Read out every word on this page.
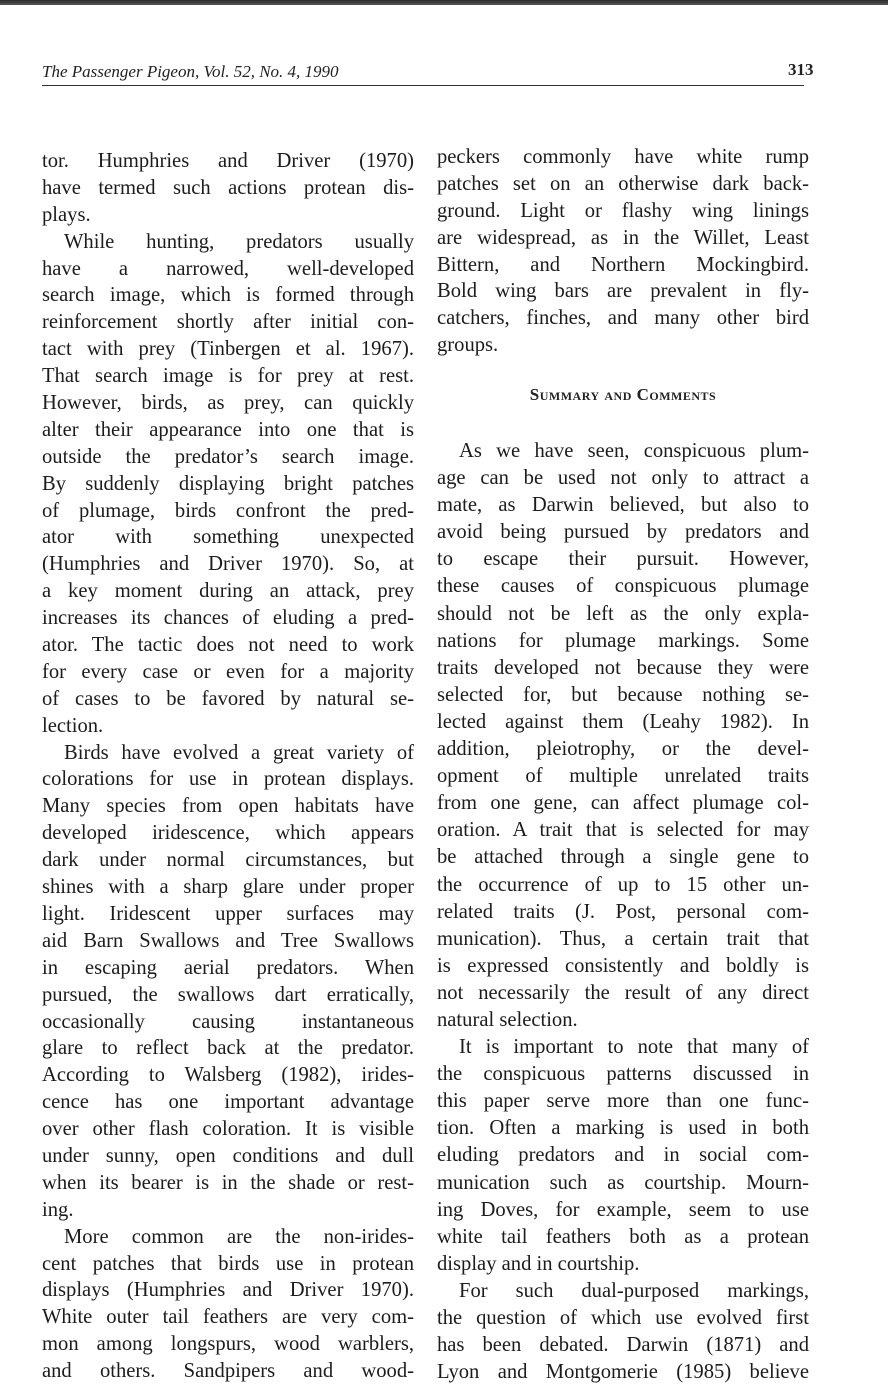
The Passenger Pigeon, Vol. 52, No. 4, 1990	313
tor. Humphries and Driver (1970)
have termed such actions protean dis-
plays.
While hunting, predators usually
have a narrowed, well-developed
search image, which is formed through
reinforcement shortly after initial con-
tact with prey (Tinbergen et al. 1967).
That search image is for prey at rest.
However, birds, as prey, can quickly
alter their appearance into one that is
outside the predator’s search image.
By suddenly displaying bright patches
of plumage, birds confront the pred-
ator with something unexpected
(Humphries and Driver 1970). So, at
a key moment during an attack, prey
increases its chances of eluding a pred-
ator. The tactic does not need to work
for every case or even for a majority
of cases to be favored by natural se-
lection.
Birds have evolved a great variety of
colorations for use in protean displays.
Many species from open habitats have
developed iridescence, which appears
dark under normal circumstances, but
shines with a sharp glare under proper
light. Iridescent upper surfaces may
aid Barn Swallows and Tree Swallows
in escaping aerial predators. When
pursued, the swallows dart erratically,
occasionally causing instantaneous
glare to reflect back at the predator.
According to Walsberg (1982), irides-
cence has one important advantage
over other flash coloration. It is visible
under sunny, open conditions and dull
when its bearer is in the shade or rest-
ing.
More common are the non-irides-
cent patches that birds use in protean
displays (Humphries and Driver 1970).
White outer tail feathers are very com-
mon among longspurs, wood warblers,
and others. Sandpipers and wood-
peckers commonly have white rump
patches set on an otherwise dark back-
ground. Light or flashy wing linings
are widespread, as in the Willet, Least
Bittern, and Northern Mockingbird.
Bold wing bars are prevalent in fly-
catchers, finches, and many other bird
groups.
Summary and Comments
As we have seen, conspicuous plum-
age can be used not only to attract a
mate, as Darwin believed, but also to
avoid being pursued by predators and
to escape their pursuit. However,
these causes of conspicuous plumage
should not be left as the only expla-
nations for plumage markings. Some
traits developed not because they were
selected for, but because nothing se-
lected against them (Leahy 1982). In
addition, pleiotrophy, or the devel-
opment of multiple unrelated traits
from one gene, can affect plumage col-
oration. A trait that is selected for may
be attached through a single gene to
the occurrence of up to 15 other un-
related traits (J. Post, personal com-
munication). Thus, a certain trait that
is expressed consistently and boldly is
not necessarily the result of any direct
natural selection.
It is important to note that many of
the conspicuous patterns discussed in
this paper serve more than one func-
tion. Often a marking is used in both
eluding predators and in social com-
munication such as courtship. Mourn-
ing Doves, for example, seem to use
white tail feathers both as a protean
display and in courtship.
For such dual-purposed markings,
the question of which use evolved first
has been debated. Darwin (1871) and
Lyon and Montgomerie (1985) believe
